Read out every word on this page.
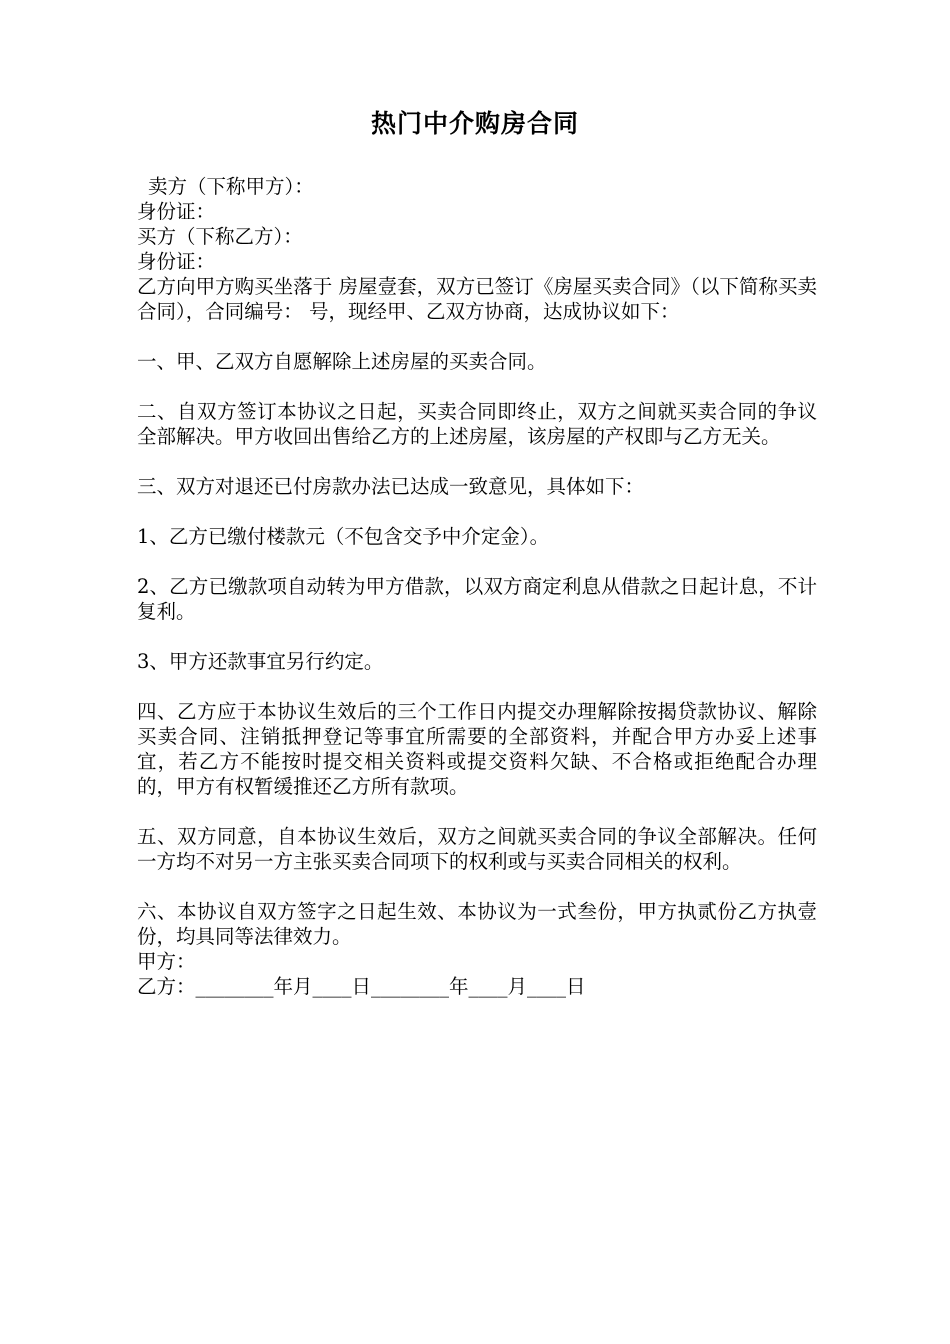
热门中介购房合同
卖方（下称甲方）：
身份证：
买方（下称乙方）：
身份证：
乙方向甲方购买坐落于 房屋壹套，双方已签订《房屋买卖合同》（以下简称买卖合同），合同编号： 号，现经甲、乙双方协商，达成协议如下：
一、甲、乙双方自愿解除上述房屋的买卖合同。
二、自双方签订本协议之日起，买卖合同即终止，双方之间就买卖合同的争议全部解决。甲方收回出售给乙方的上述房屋，该房屋的产权即与乙方无关。
三、双方对退还已付房款办法已达成一致意见，具体如下：
1、乙方已缴付楼款元（不包含交予中介定金）。
2、乙方已缴款项自动转为甲方借款，以双方商定利息从借款之日起计息，不计复利。
3、甲方还款事宜另行约定。
四、乙方应于本协议生效后的三个工作日内提交办理解除按揭贷款协议、解除买卖合同、注销抵押登记等事宜所需要的全部资料，并配合甲方办妥上述事宜，若乙方不能按时提交相关资料或提交资料欠缺、不合格或拒绝配合办理的，甲方有权暂缓推还乙方所有款项。
五、双方同意，自本协议生效后，双方之间就买卖合同的争议全部解决。任何一方均不对另一方主张买卖合同项下的权利或与买卖合同相关的权利。
六、本协议自双方签字之日起生效、本协议为一式叁份，甲方执贰份乙方执壹份，均具同等法律效力。
甲方：
乙方：________年月____日________年____月____日
